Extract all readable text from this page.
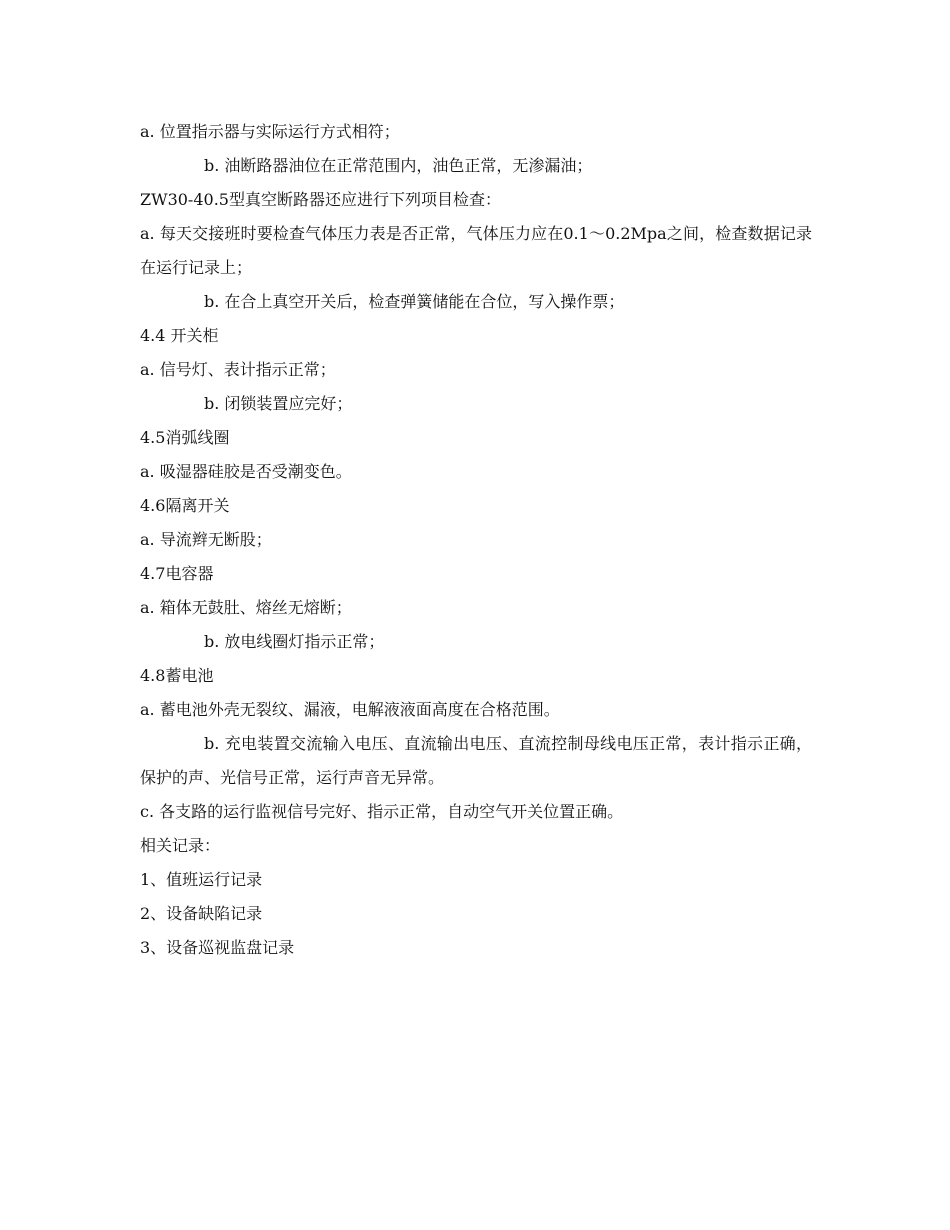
a. 位置指示器与实际运行方式相符；

b. 油断路器油位在正常范围内，油色正常，无渗漏油；

ZW30-40.5型真空断路器还应进行下列项目检查：

a. 每天交接班时要检查气体压力表是否正常，气体压力应在0.1～0.2Mpa之间，检查数据记录在运行记录上；

b. 在合上真空开关后，检查弹簧储能在合位，写入操作票；

4.4 开关柜

a. 信号灯、表计指示正常；

b. 闭锁装置应完好；

4.5消弧线圈

a. 吸湿器硅胶是否受潮变色。

4.6隔离开关

a. 导流辫无断股；

4.7电容器

a. 箱体无鼓肚、熔丝无熔断；

b. 放电线圈灯指示正常；

4.8蓄电池

a. 蓄电池外壳无裂纹、漏液，电解液液面高度在合格范围。

b. 充电装置交流输入电压、直流输出电压、直流控制母线电压正常，表计指示正确，保护的声、光信号正常，运行声音无异常。

c. 各支路的运行监视信号完好、指示正常，自动空气开关位置正确。

相关记录：

1、值班运行记录

2、设备缺陷记录

3、设备巡视监盘记录
